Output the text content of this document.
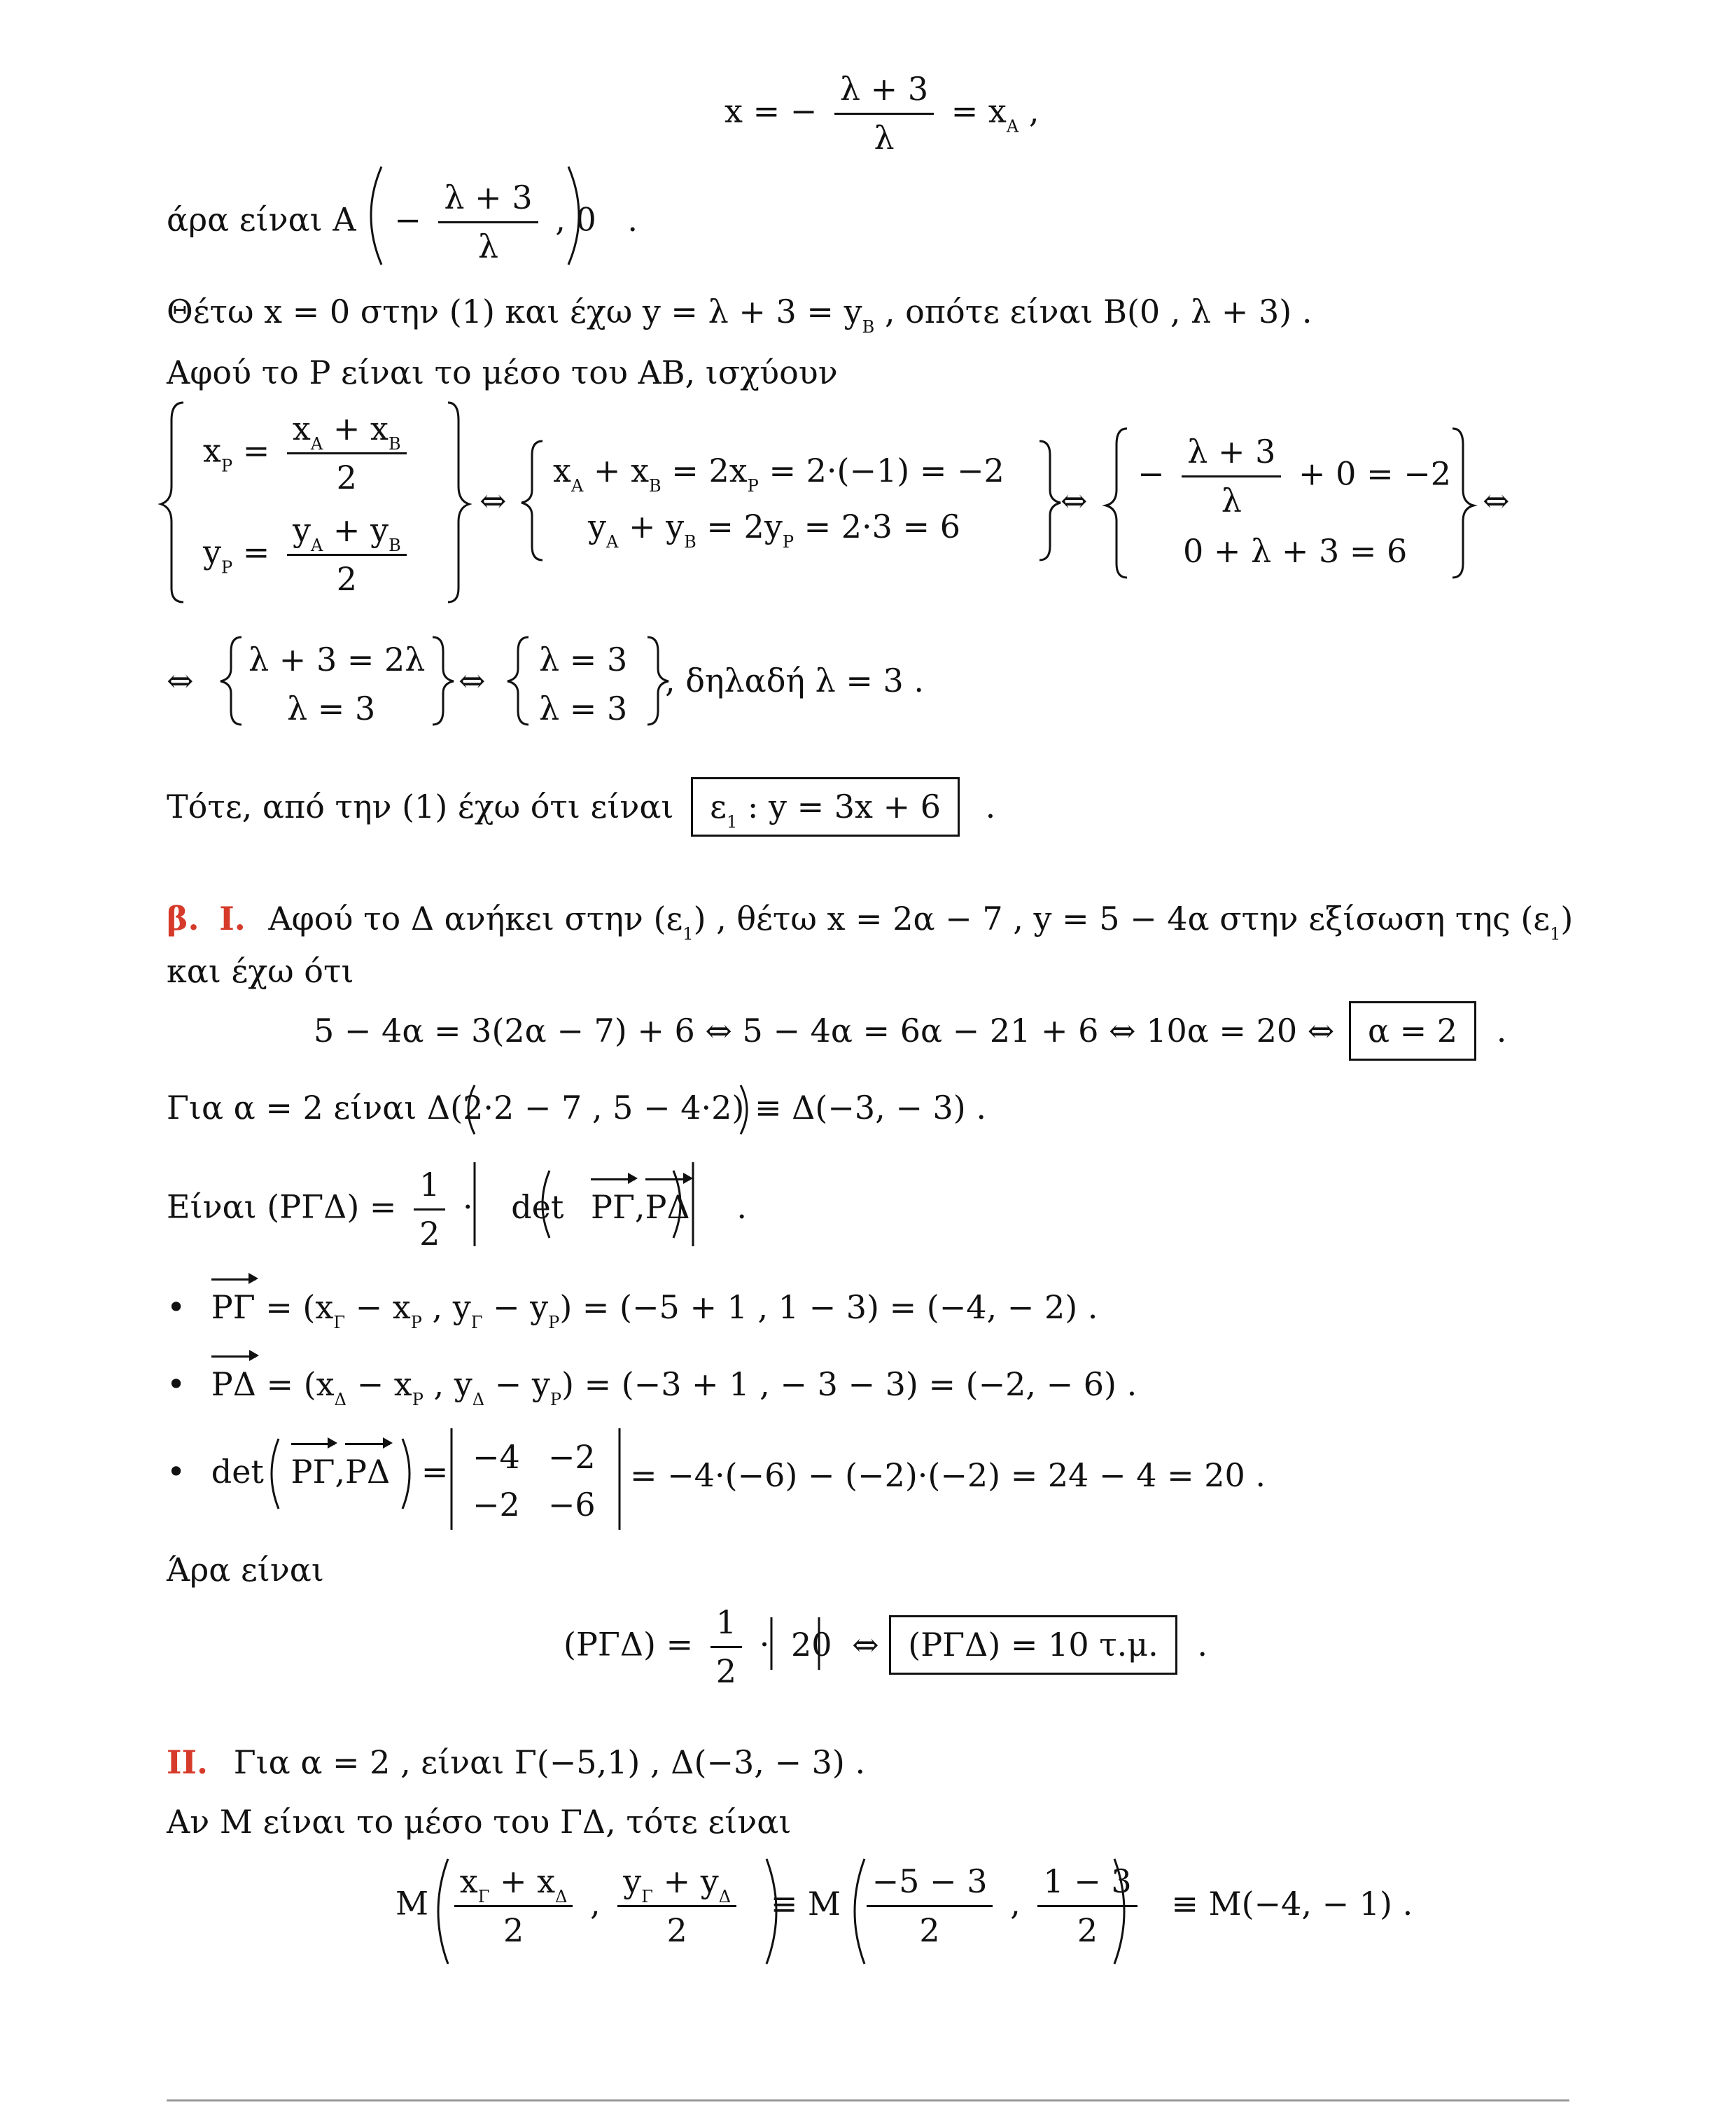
x = − $\frac{\lambda + 3}{\lambda} = x_A$ ,
άρα είναι $A - \frac{\lambda + 3}{\lambda}$ , 0 .
Θέτω x = 0 στην (1) και έχω $y = \lambda + 3 = y_B$ , οπότε είναι B(0 , λ + 3) .
Αφού το P είναι το μέσο του AB, ισχύουν
$x_P = \frac{x_A + x_B}{2}$
$y_P = \frac{y_A + y_B}{2}$
⇔
$x_A + x_B = 2x_P = 2\cdot(-1) = -2$
$y_A + y_B = 2y_P = 2\cdot 3 = 6$
⇔
− $\frac{\lambda + 3}{\lambda} + 0 = -2$
0 + λ + 3 = 6
⇔
⇔
λ + 3 = 2λ
λ = 3
⇔
λ = 3
λ = 3
, δηλαδή λ = 3 .
Τότε, από την (1) έχω ότι είναι $\varepsilon_1$ : y = 3x + 6 .
β. I. Αφού το Δ ανήκει στην $(\varepsilon_1)$ , θέτω x = 2α − 7 , y = 5 − 4α στην εξίσωση της $(\varepsilon_1)$
και έχω ότι
5 − 4α = 3(2α − 7) + 6 ⇔ 5 − 4α = 6α − 21 + 6 ⇔ 10α = 20 ⇔ α = 2 .
Για α = 2 είναι Δ(2·2 − 7 , 5 − 4·2) ≡ Δ(−3, − 3) .
Είναι $(P\Gamma\Delta) = \frac{1}{2} \cdot \det P\Gamma,P\Delta$ .
• $P\Gamma = (x_\Gamma - x_P$ , $y_\Gamma - y_P) = (-5 + 1$ , 1 − 3) = (−4, − 2) .
• $P\Delta = (x_\Delta - x_P$ , $y_\Delta - y_P) = (-3 + 1$ , − 3 − 3) = (−2, − 6) .
• det ΡΓ,ΡΔ = −4 −2
−2 −6
= −4·(−6) − (−2)·(−2) = 24 − 4 = 20 .
Άρα είναι
$(P\Gamma\Delta) = \frac{1}{2} \cdot 20$ ⇔ (ΡΓΔ) = 10 τ.μ. .
II. Για α = 2 , είναι Γ(−5,1) , Δ(−3, − 3) .
Αν Μ είναι το μέσο του ΓΔ, τότε είναι
M $\frac{x_\Gamma + x_\Delta}{2}$ , $\frac{y_\Gamma + y_\Delta}{2} \equiv M \frac{-5 - 3}{2}$ , $\frac{1 - 3}{2} \equiv M(-4$, − 1) .
